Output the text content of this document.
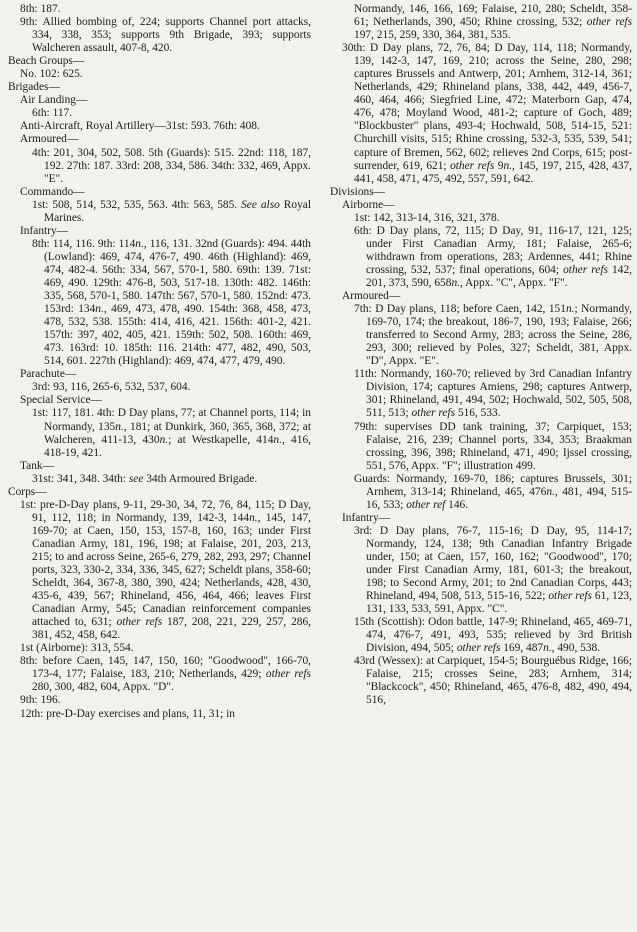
8th: 187.
9th: Allied bombing of, 224; supports Channel port attacks, 334, 338, 353; supports 9th Brigade, 393; supports Walcheren assault, 407-8, 420.
Beach Groups—
No. 102: 625.
Brigades—
Air Landing—
6th: 117.
Anti-Aircraft, Royal Artillery—31st: 593. 76th: 408.
Armoured—
4th: 201, 304, 502, 508. 5th (Guards): 515. 22nd: 118, 187, 192. 27th: 187. 33rd: 208, 334, 586. 34th: 332, 469, Appx. "E".
Commando—
1st: 508, 514, 532, 535, 563. 4th: 563, 585. See also Royal Marines.
Infantry—
8th: 114, 116. 9th: 114n., 116, 131. 32nd (Guards): 494. 44th (Lowland): 469, 474, 476-7, 490. 46th (Highland): 469, 474, 482-4. 56th: 334, 567, 570-1, 580. 69th: 139. 71st: 469, 490. 129th: 476-8, 503, 517-18. 130th: 482. 146th: 335, 568, 570-1, 580. 147th: 567, 570-1, 580. 152nd: 473. 153rd: 134n., 469, 473, 478, 490. 154th: 368, 458, 473, 478, 532, 538. 155th: 414, 416, 421. 156th: 401-2, 421. 157th: 397, 402, 405, 421. 159th: 502, 508. 160th: 469, 473. 163rd: 10. 185th: 116. 214th: 477, 482, 490, 503, 514, 601. 227th (Highland): 469, 474, 477, 479, 490.
Parachute—
3rd: 93, 116, 265-6, 532, 537, 604.
Special Service—
1st: 117, 181. 4th: D Day plans, 77; at Channel ports, 114; in Normandy, 135n., 181; at Dunkirk, 360, 365, 368, 372; at Walcheren, 411-13, 430n.; at Westkapelle, 414n., 416, 418-19, 421.
Tank—
31st: 341, 348. 34th: see 34th Armoured Brigade.
Corps—
1st: pre-D-Day plans, 9-11, 29-30, 34, 72, 76, 84, 115; D Day, 91, 112, 118; in Normandy, 139, 142-3, 144n., 145, 147, 169-70; at Caen, 150, 153, 157-8, 160, 163; under First Canadian Army, 181, 196, 198; at Falaise, 201, 203, 213, 215; to and across Seine, 265-6, 279, 282, 293, 297; Channel ports, 323, 330-2, 334, 336, 345, 627; Scheldt plans, 358-60; Scheldt, 364, 367-8, 380, 390, 424; Netherlands, 428, 430, 435-6, 439, 567; Rhineland, 456, 464, 466; leaves First Canadian Army, 545; Canadian reinforcement companies attached to, 631; other refs 187, 208, 221, 229, 257, 286, 381, 452, 458, 642.
1st (Airborne): 313, 554.
8th: before Caen, 145, 147, 150, 160; "Goodwood", 166-70, 173-4, 177; Falaise, 183, 210; Netherlands, 429; other refs 280, 300, 482, 604, Appx. "D".
9th: 196.
12th: pre-D-Day exercises and plans, 11, 31; in
Normandy, 146, 166, 169; Falaise, 210, 280; Scheldt, 358-61; Netherlands, 390, 450; Rhine crossing, 532; other refs 197, 215, 259, 330, 364, 381, 535.
30th: D Day plans, 72, 76, 84; D Day, 114, 118; Normandy, 139, 142-3, 147, 169, 210; across the Seine, 280, 298; captures Brussels and Antwerp, 201; Arnhem, 312-14, 361; Netherlands, 429; Rhineland plans, 338, 442, 449, 456-7, 460, 464, 466; Siegfried Line, 472; Materborn Gap, 474, 476, 478; Moyland Wood, 481-2; capture of Goch, 489; "Blockbuster" plans, 493-4; Hochwald, 508, 514-15, 521: Churchill visits, 515; Rhine crossing, 532-3, 535, 539, 541; capture of Bremen, 562, 602; relieves 2nd Corps, 615; post-surrender, 619, 621; other refs 9n., 145, 197, 215, 428, 437, 441, 458, 471, 475, 492, 557, 591, 642.
Divisions—
Airborne—
1st: 142, 313-14, 316, 321, 378.
6th: D Day plans, 72, 115; D Day, 91, 116-17, 121, 125; under First Canadian Army, 181; Falaise, 265-6; withdrawn from operations, 283; Ardennes, 441; Rhine crossing, 532, 537; final operations, 604; other refs 142, 201, 373, 590, 658n., Appx. "C", Appx. "F".
Armoured—
7th: D Day plans, 118; before Caen, 142, 151n.; Normandy, 169-70, 174; the breakout, 186-7, 190, 193; Falaise, 266; transferred to Second Army, 283; across the Seine, 286, 293, 300; relieved by Poles, 327; Scheldt, 381, Appx. "D", Appx. "E".
11th: Normandy, 160-70; relieved by 3rd Canadian Infantry Division, 174; captures Amiens, 298; captures Antwerp, 301; Rhineland, 491, 494, 502; Hochwald, 502, 505, 508, 511, 513; other refs 516, 533.
79th: supervises DD tank training, 37; Carpiquet, 153; Falaise, 216, 239; Channel ports, 334, 353; Braakman crossing, 396, 398; Rhineland, 471, 490; Ijssel crossing, 551, 576, Appx. "F"; illustration 499.
Guards: Normandy, 169-70, 186; captures Brussels, 301; Arnhem, 313-14; Rhineland, 465, 476n., 481, 494, 515-16, 533; other ref 146.
Infantry—
3rd: D Day plans, 76-7, 115-16; D Day, 95, 114-17; Normandy, 124, 138; 9th Canadian Infantry Brigade under, 150; at Caen, 157, 160, 162; "Goodwood", 170; under First Canadian Army, 181, 601-3; the breakout, 198; to Second Army, 201; to 2nd Canadian Corps, 443; Rhineland, 494, 508, 513, 515-16, 522; other refs 61, 123, 131, 133, 533, 591, Appx. "C".
15th (Scottish): Odon battle, 147-9; Rhineland, 465, 469-71, 474, 476-7, 491, 493, 535; relieved by 3rd British Division, 494, 505; other refs 169, 487n., 490, 538.
43rd (Wessex): at Carpiquet, 154-5; Bourguébus Ridge, 166; Falaise, 215; crosses Seine, 283; Arnhem, 314; "Blackcock", 450; Rhineland, 465, 476-8, 482, 490, 494, 516,
